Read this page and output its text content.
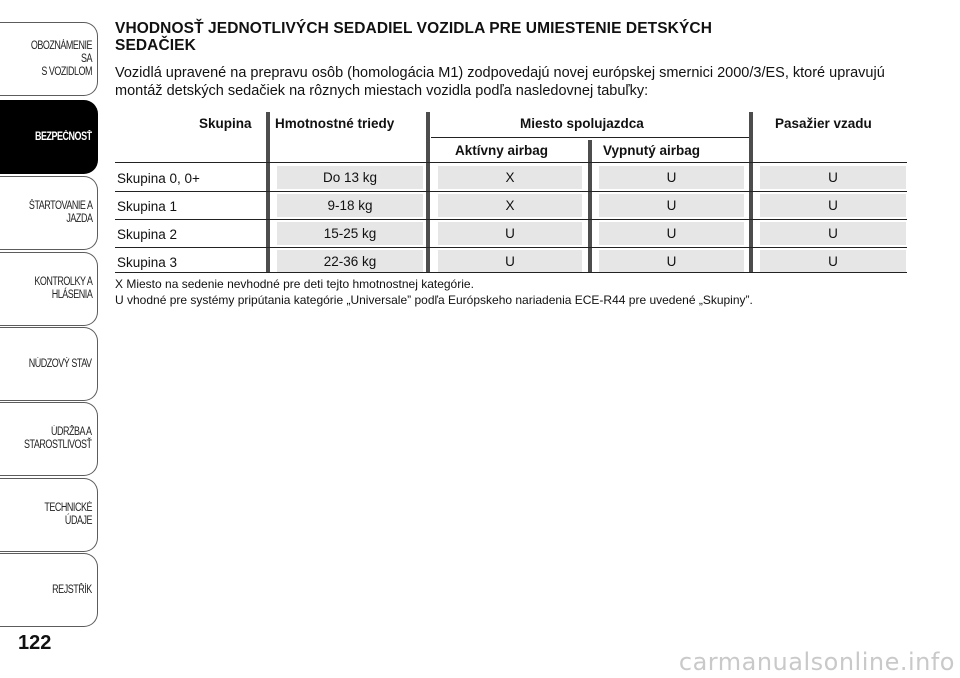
OBOZNÁMENIE SA
S VOZIDLOM
BEZPEČNOSŤ
ŠTARTOVANIE A
JAZDA
KONTROLKY A
HLÁSENIA
NÚDZOVÝ STAV
ÚDRŽBA A
STAROSTLIVOSŤ
TECHNICKÉ ÚDAJE
REJSTŘÍK
122
VHODNOSŤ JEDNOTLIVÝCH SEDADIEL VOZIDLA PRE UMIESTENIE DETSKÝCH
SEDAČIEK

Vozidlá upravené na prepravu osôb (homologácia M1) zodpovedajú novej európskej smernici 2000/3/ES, ktoré upravujú montáž detských sedačiek na rôznych miestach vozidla podľa nasledovnej tabuľky:

Skupina Hmotnostné triedy	Miesto spolujazdca	Pasažier vzadu
Aktívny airbag	Vypnutý airbag
Skupina 0, 0+	Do 13 kg	X	U	U
Skupina 1	9-18 kg	X	U	U
Skupina 2	15-25 kg	U	U	U
Skupina 3	22-36 kg	U	U	U

X Miesto na sedenie nevhodné pre deti tejto hmotnostnej kategórie.

U vhodné pre systémy pripútania kategórie „Universale” podľa Európskeho nariadenia ECE-R44 pre uvedené „Skupiny”.

carmanualsonline.info
